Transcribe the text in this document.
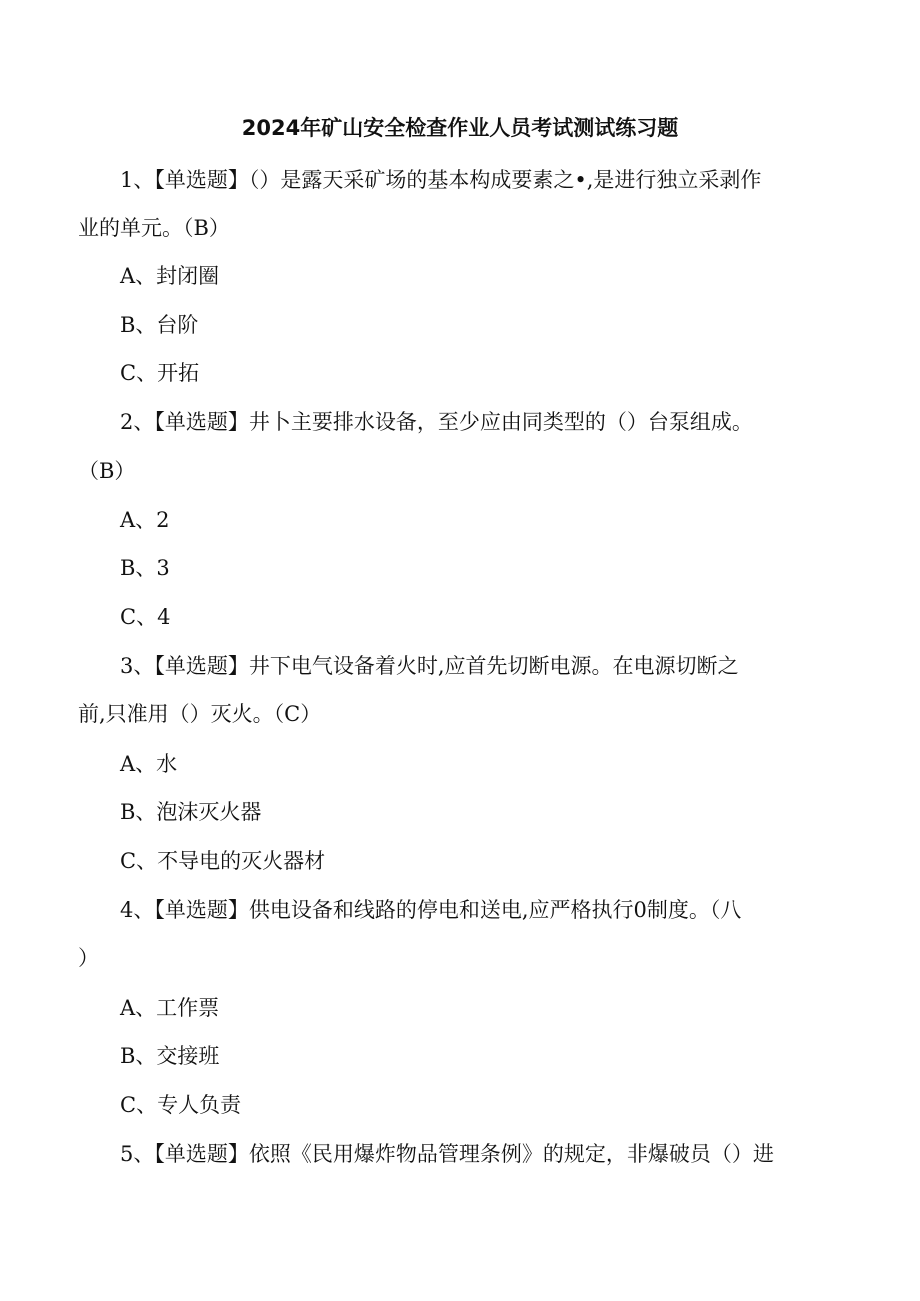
2024年矿山安全检查作业人员考试测试练习题
1、【单选题】（）是露天采矿场的基本构成要素之•,是进行独立采剥作
业的单元。（B）
A、封闭圈
B、台阶
C、开拓
2、【单选题】井卜主要排水设备，至少应由同类型的（）台泵组成。
（B）
A、2
B、3
C、4
3、【单选题】井下电气设备着火时,应首先切断电源。在电源切断之
前,只准用（）灭火。（C）
A、水
B、泡沫灭火器
C、不导电的灭火器材
4、【单选题】供电设备和线路的停电和送电,应严格执行0制度。（八
）
A、工作票
B、交接班
C、专人负责
5、【单选题】依照《民用爆炸物品管理条例》的规定，非爆破员（）进
